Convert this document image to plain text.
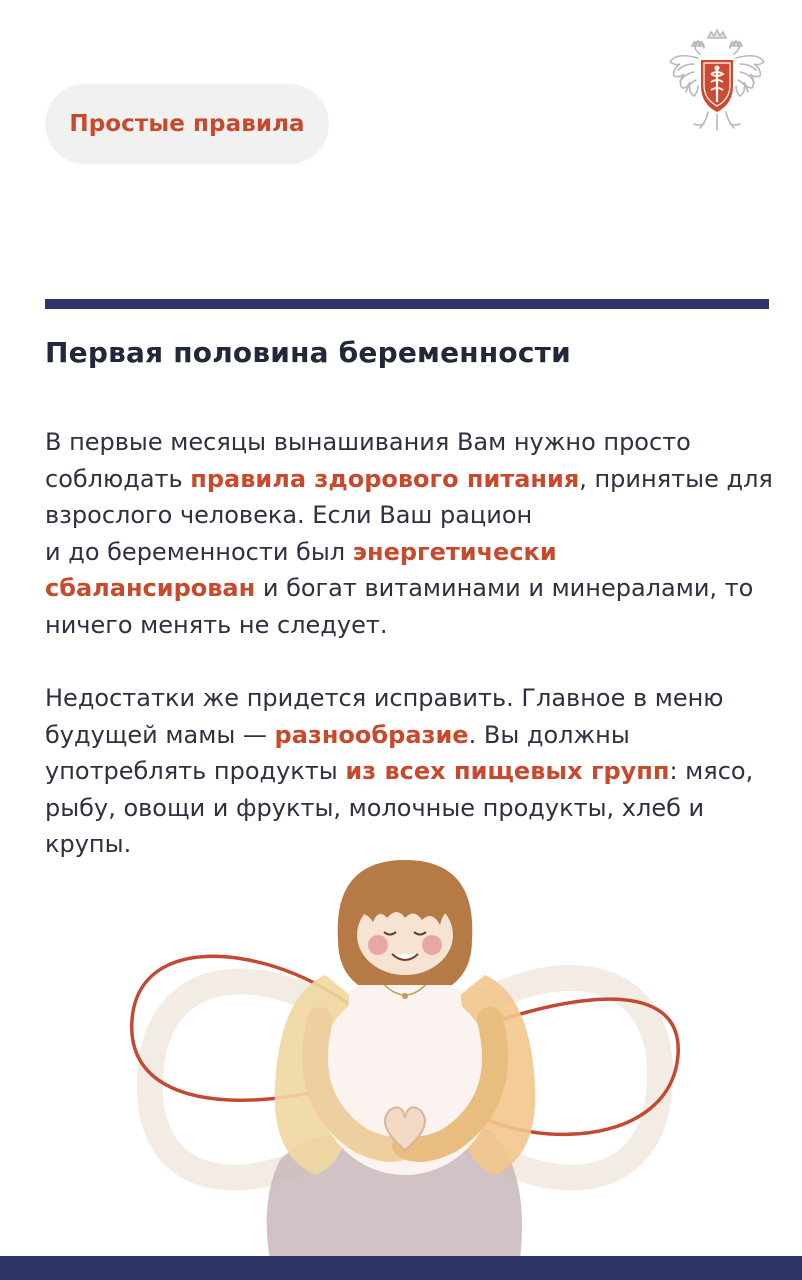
Простые правила
Первая половина беременности

В первые месяцы вынашивания Вам нужно просто соблюдать правила здорового питания, принятые для взрослого человека. Если Ваш рацион
и до беременности был энергетически сбалансирован и богат витаминами и минералами, то ничего менять не следует.

Недостатки же придется исправить. Главное в меню будущей мамы — разнообразие. Вы должны употреблять продукты из всех пищевых групп: мясо, рыбу, овощи и фрукты, молочные продукты, хлеб и крупы.
